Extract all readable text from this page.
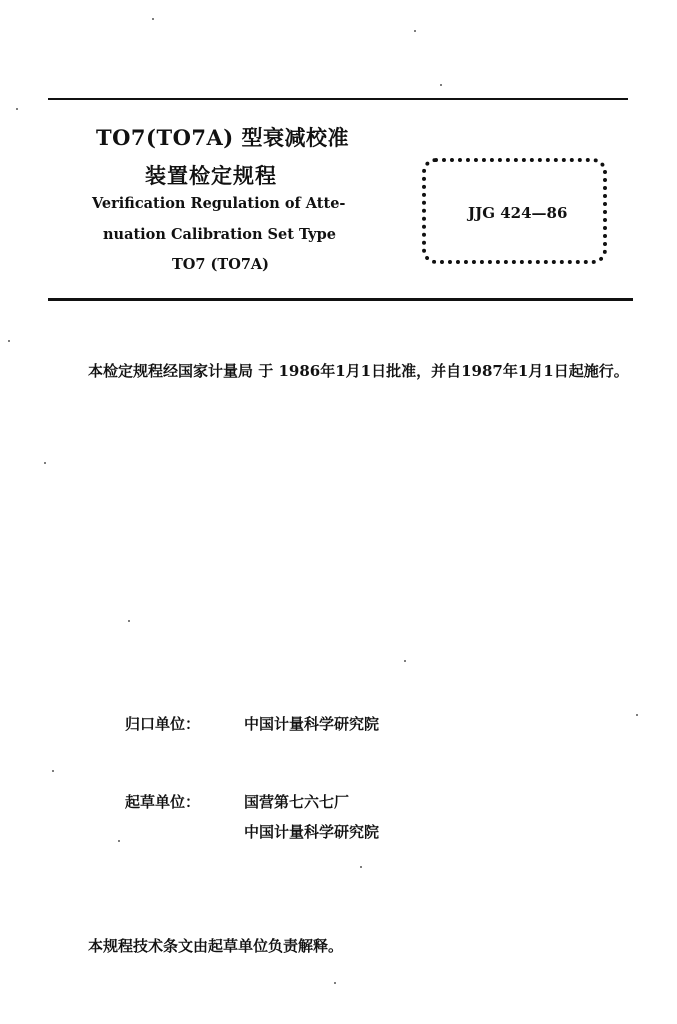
TO7(TO7A) 型衰减校准
装置检定规程
Verification Regulation of Atte-
nuation Calibration Set Type
TO7 (TO7A)
JJG 424—86
本检定规程经国家计量局 于 1986年1月1日批准，并自1987年1月1日起施行。
归口单位：	中国计量科学研究院
起草单位：	国营第七六七厂
中国计量科学研究院
本规程技术条文由起草单位负责解释。
